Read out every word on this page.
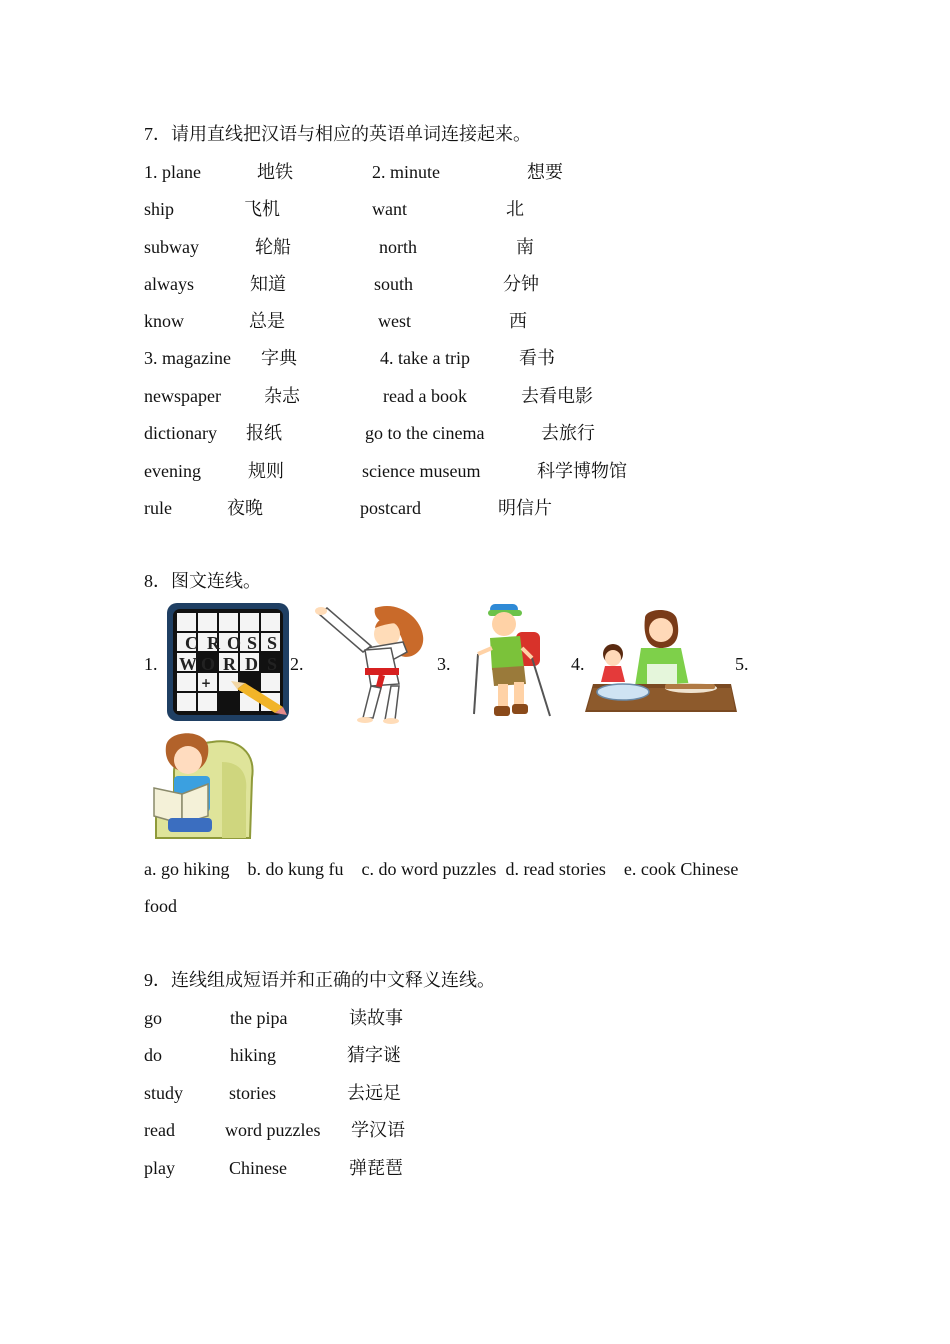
7．请用直线把汉语与相应的英语单词连接起来。
1. plane	地铁	2. minute	想要
ship	飞机	want	北
subway	轮船	north	南
always	知道	south	分钟
know	总是	west	西
3. magazine 字典	4. take a trip	看书
newspaper 杂志	read a book	去看电影
dictionary 报纸	go to the cinema	去旅行
evening	规则	science museum	科学博物馆
rule	夜晚	postcard	明信片
8．图文连线。
1.	2.	3.	4.	5.
C R O S S
W O R D S
+
a. go hiking    b. do kung fu    c. do word puzzles  d. read stories    e. cook Chinese
food
9．连线组成短语并和正确的中文释义连线。
go	the pipa	读故事
do	hiking	猜字谜
study	stories	去远足
read	word puzzles 学汉语
play	Chinese	弹琵琶
